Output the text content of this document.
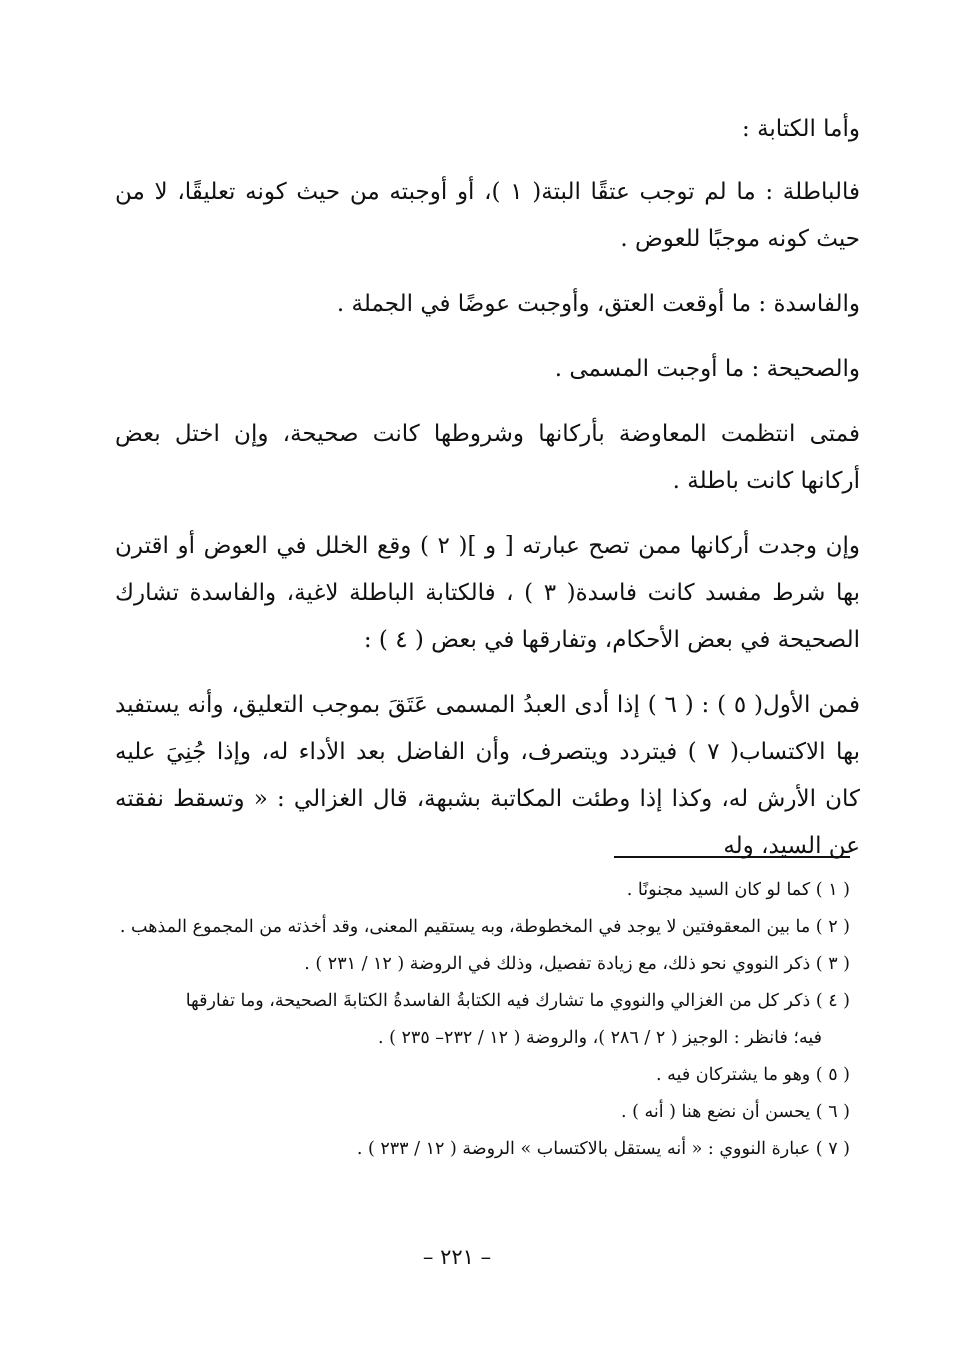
وأما الكتابة :

فالباطلة : ما لم توجب عتقًا البتة( ١ )، أو أوجبته من حيث كونه تعليقًا، لا من حيث كونه موجبًا للعوض .

والفاسدة : ما أوقعت العتق، وأوجبت عوضًا في الجملة .

والصحيحة : ما أوجبت المسمى .

فمتى انتظمت المعاوضة بأركانها وشروطها كانت صحيحة، وإن اختل بعض أركانها كانت باطلة .

وإن وجدت أركانها ممن تصح عبارته [ و ]( ٢ ) وقع الخلل في العوض أو اقترن بها شرط مفسد كانت فاسدة( ٣ ) ، فالكتابة الباطلة لاغية، والفاسدة تشارك الصحيحة في بعض الأحكام، وتفارقها في بعض ( ٤ ) :

فمن الأول( ٥ ) : ( ٦ ) إذا أدى العبدُ المسمى عَتَقَ بموجب التعليق، وأنه يستفيد بها الاكتساب( ٧ ) فيتردد ويتصرف، وأن الفاضل بعد الأداء له، وإذا جُنِيَ عليه كان الأرش له، وكذا إذا وطئت المكاتبة بشبهة، قال الغزالي : « وتسقط نفقته عن السيد، وله

( ١ ) كما لو كان السيد مجنونًا .

( ٢ ) ما بين المعقوفتين لا يوجد في المخطوطة، وبه يستقيم المعنى، وقد أخذته من المجموع المذهب .

( ٣ ) ذكر النووي نحو ذلك، مع زيادة تفصيل، وذلك في الروضة ( ١٢ / ٢٣١ ) .

( ٤ ) ذكر كل من الغزالي والنووي ما تشارك فيه الكتابةُ الفاسدةُ الكتابةَ الصحيحة، وما تفارقها

فيه؛ فانظر : الوجيز ( ٢ / ٢٨٦ )، والروضة ( ١٢ / ٢٣٢– ٢٣٥ ) .

( ٥ ) وهو ما يشتركان فيه .

( ٦ ) يحسن أن نضع هنا ( أنه ) .

( ٧ ) عبارة النووي : « أنه يستقل بالاكتساب » الروضة ( ١٢ / ٢٣٣ ) .

– ٢٢١ –
